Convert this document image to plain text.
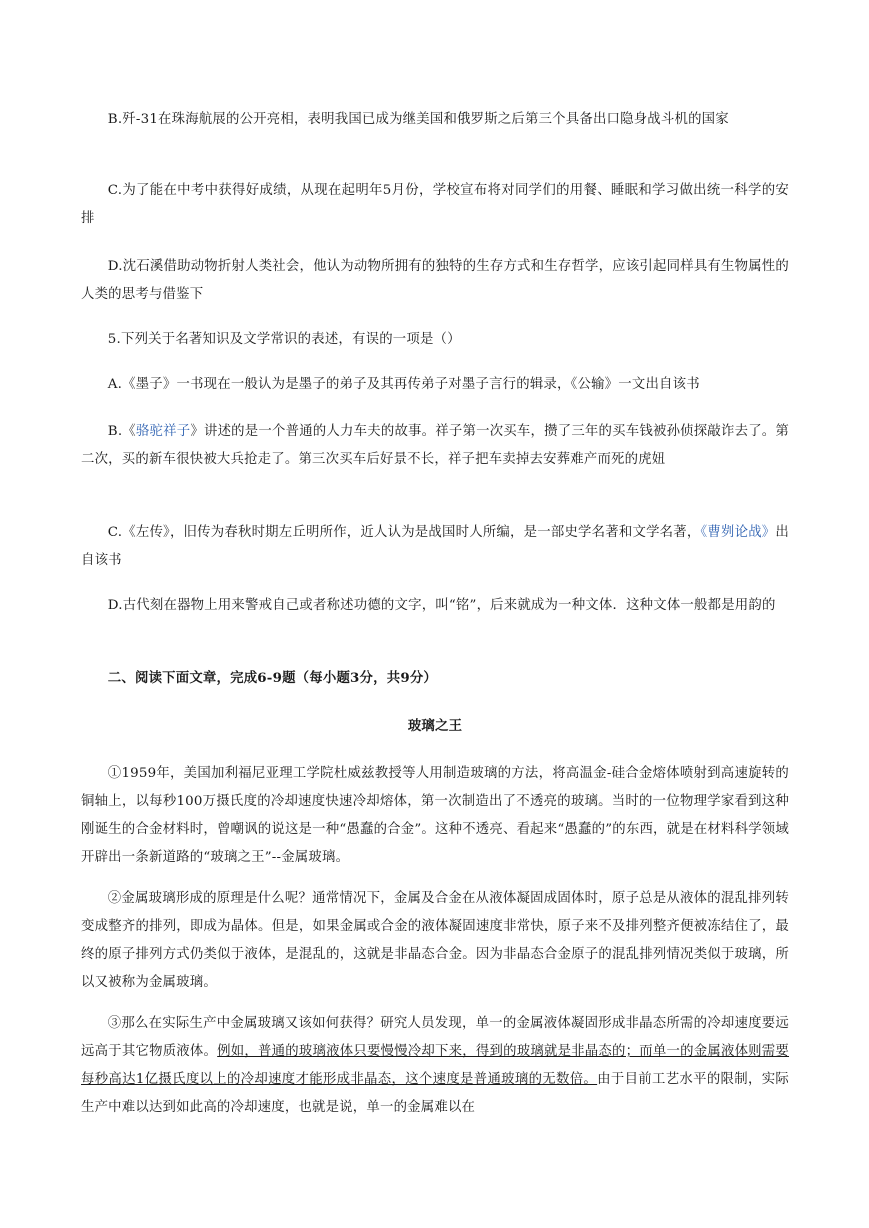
B.歼-31在珠海航展的公开亮相，表明我国已成为继美国和俄罗斯之后第三个具备出口隐身战斗机的国家

C.为了能在中考中获得好成绩，从现在起明年5月份，学校宣布将对同学们的用餐、睡眠和学习做出统一科学的安排

D.沈石溪借助动物折射人类社会，他认为动物所拥有的独特的生存方式和生存哲学，应该引起同样具有生物属性的人类的思考与借鉴下

5.下列关于名著知识及文学常识的表述，有误的一项是（）

A.《墨子》一书现在一般认为是墨子的弟子及其再传弟子对墨子言行的辑录，《公输》一文出自该书

B.《骆驼祥子》讲述的是一个普通的人力车夫的故事。祥子第一次买车，攒了三年的买车钱被孙侦探敲诈去了。第二次，买的新车很快被大兵抢走了。第三次买车后好景不长，祥子把车卖掉去安葬难产而死的虎妞

C.《左传》，旧传为春秋时期左丘明所作，近人认为是战国时人所编，是一部史学名著和文学名著，《曹刿论战》出自该书

D.古代刻在器物上用来警戒自己或者称述功德的文字，叫“铭”，后来就成为一种文体．这种文体一般都是用韵的

二、阅读下面文章，完成6-9题（每小题3分，共9分）

玻璃之王

①1959年，美国加利福尼亚理工学院杜威兹教授等人用制造玻璃的方法，将高温金-硅合金熔体喷射到高速旋转的铜轴上，以每秒100万摄氏度的冷却速度快速冷却熔体，第一次制造出了不透亮的玻璃。当时的一位物理学家看到这种刚诞生的合金材料时，曾嘲讽的说这是一种“愚蠢的合金”。这种不透亮、看起来“愚蠢的”的东西，就是在材料科学领域开辟出一条新道路的“玻璃之王”--金属玻璃。

②金属玻璃形成的原理是什么呢？通常情况下，金属及合金在从液体凝固成固体时，原子总是从液体的混乱排列转变成整齐的排列，即成为晶体。但是，如果金属或合金的液体凝固速度非常快，原子来不及排列整齐便被冻结住了，最终的原子排列方式仍类似于液体，是混乱的，这就是非晶态合金。因为非晶态合金原子的混乱排列情况类似于玻璃，所以又被称为金属玻璃。

③那么在实际生产中金属玻璃又该如何获得？研究人员发现，单一的金属液体凝固形成非晶态所需的冷却速度要远远高于其它物质液体。例如，普通的玻璃液体只要慢慢冷却下来，得到的玻璃就是非晶态的；而单一的金属液体则需要每秒高达1亿摄氏度以上的冷却速度才能形成非晶态，这个速度是普通玻璃的无数倍。由于目前工艺水平的限制，实际生产中难以达到如此高的冷却速度，也就是说，单一的金属难以在
